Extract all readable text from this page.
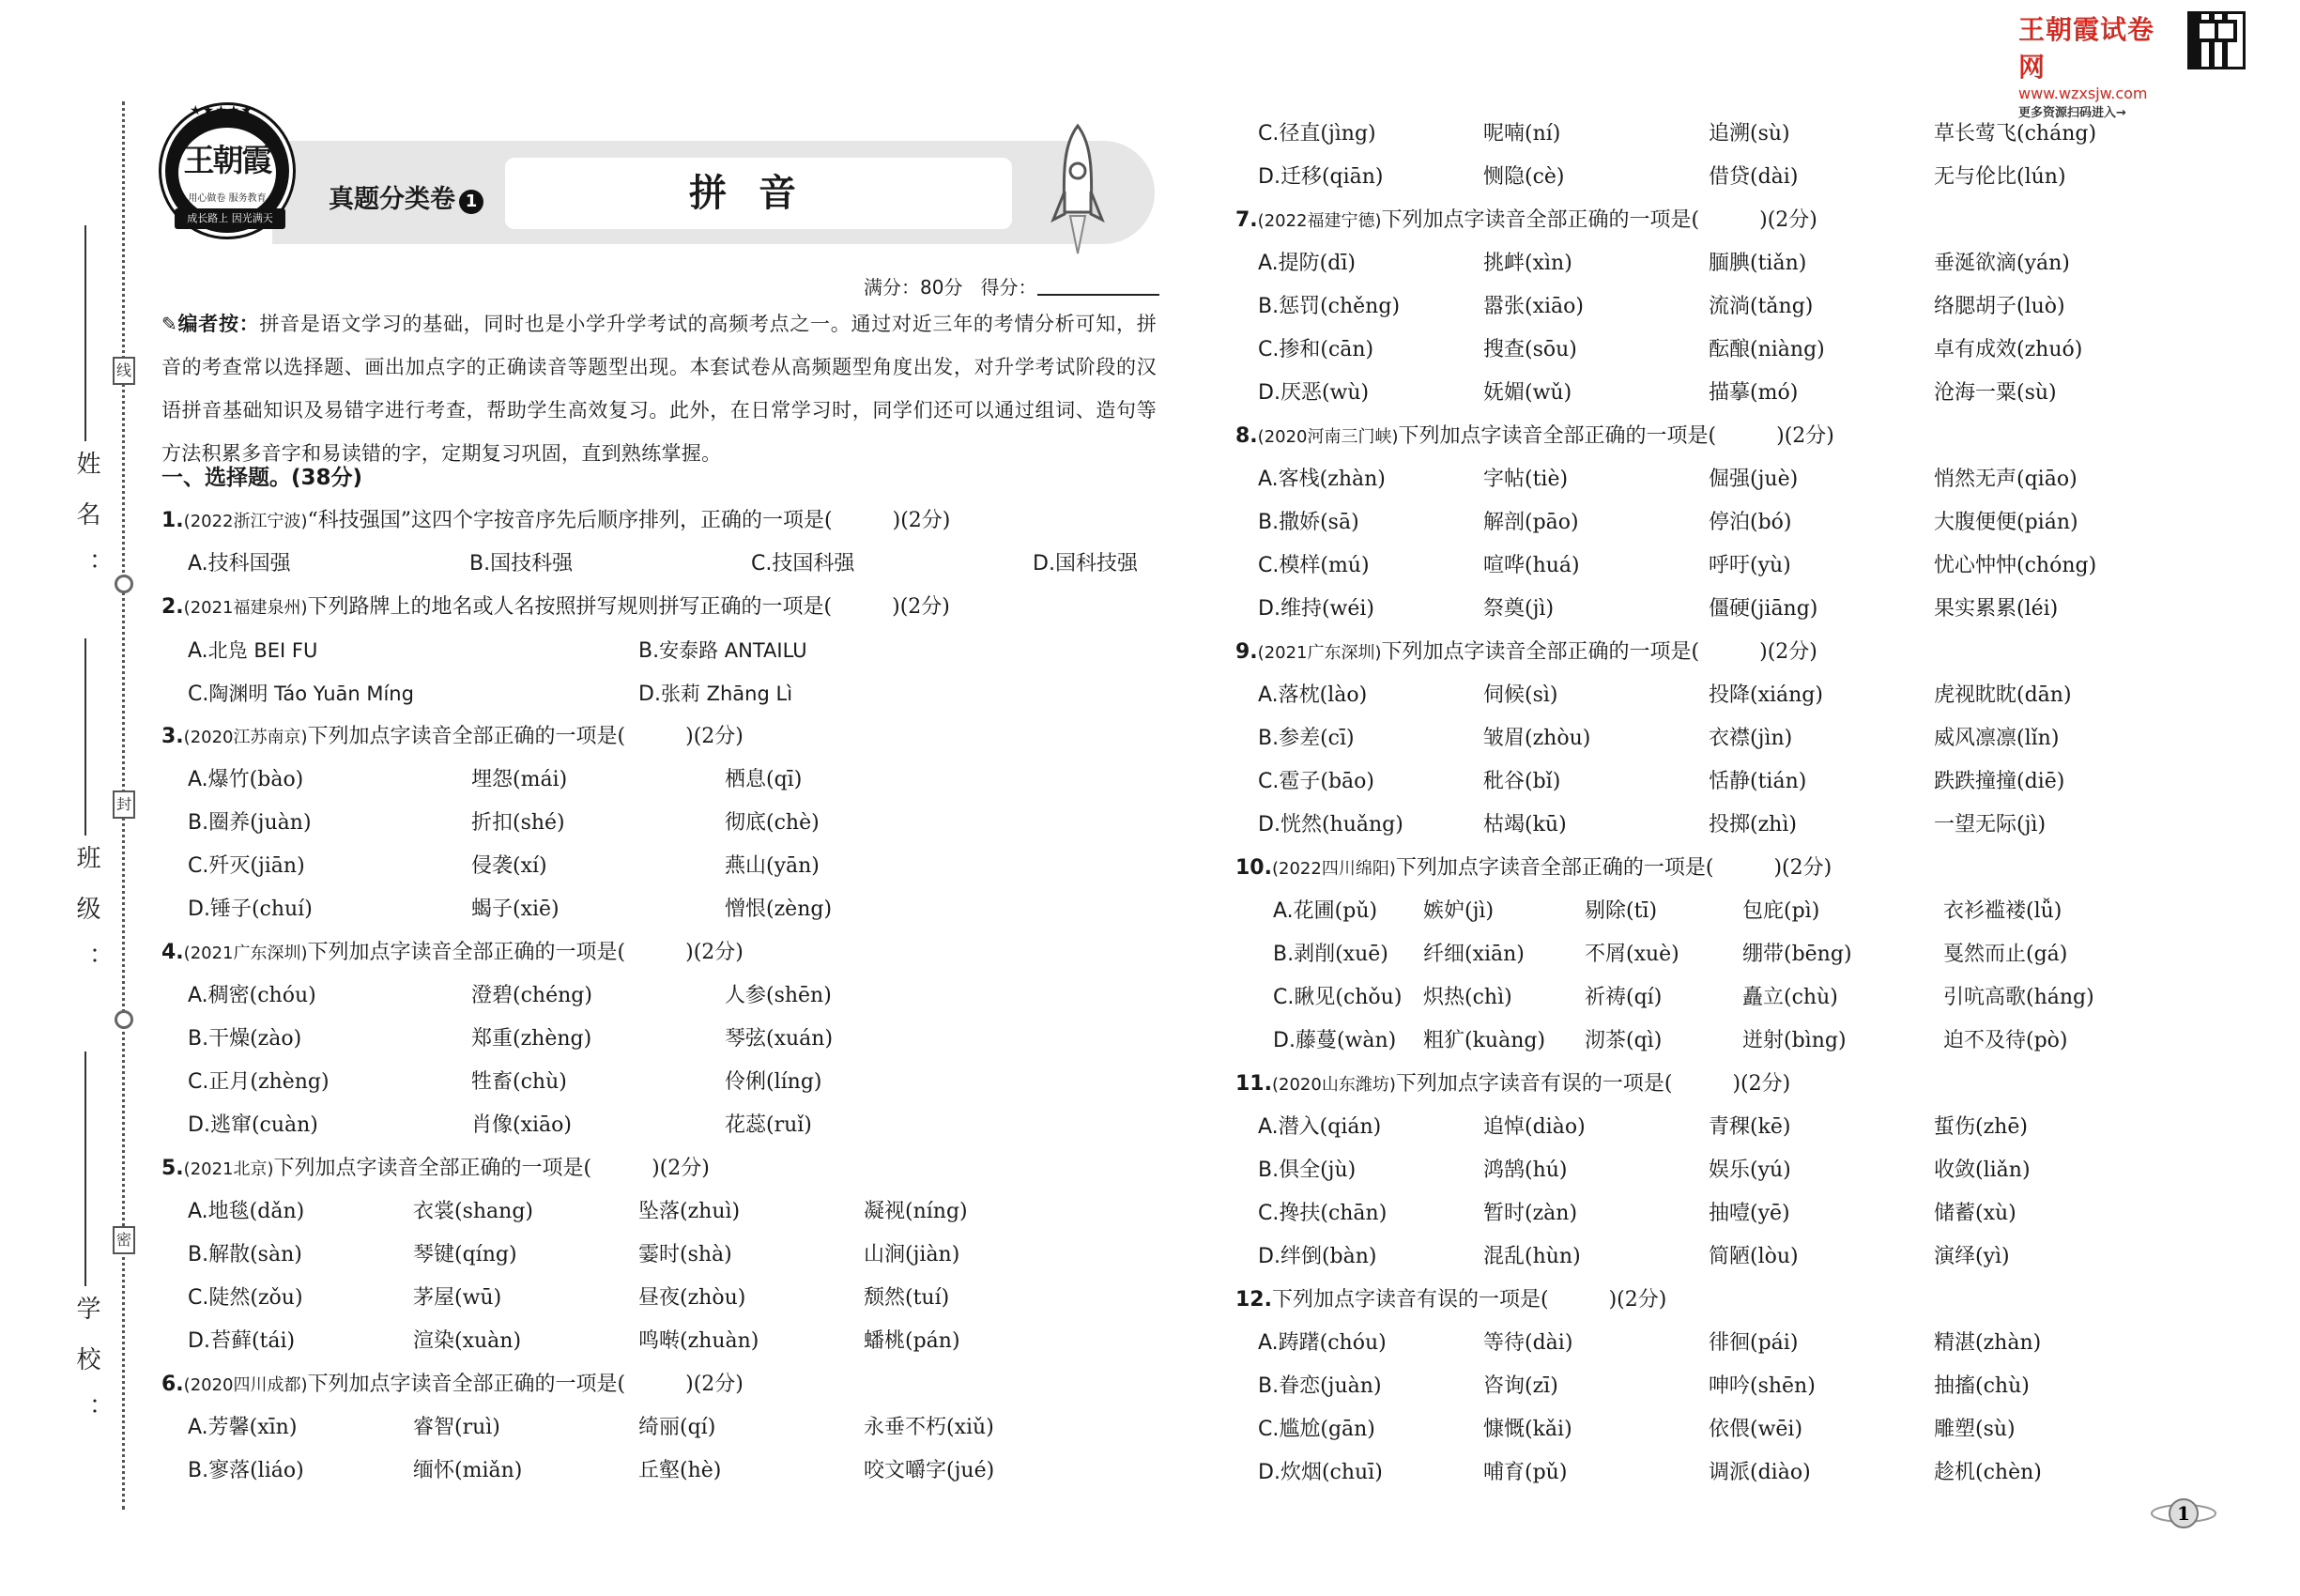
姓名：
班级：
学校：
线
封
密
王朝霞试卷网
www.wzxsjw.com
更多资源扫码进入→
真题分类卷 1	拼音
★★★★★
王朝霞
用心做卷 服务教育
成长路上 因光满天
满分：80分 得分：
✎编者按：拼音是语文学习的基础，同时也是小学升学考试的高频考点之一。通过对近三年的考情分析可知，拼音的考查常以选择题、画出加点字的正确读音等题型出现。本套试卷从高频题型角度出发，对升学考试阶段的汉语拼音基础知识及易错字进行考查，帮助学生高效复习。此外，在日常学习时，同学们还可以通过组词、造句等方法积累多音字和易读错的字，定期复习巩固，直到熟练掌握。
一、选择题。(38分)
1.(2022浙江宁波)“科技强国”这四个字按音序先后顺序排列，正确的一项是(	)(2分)
A.技科国强	B.国技科强	C.技国科强	D.国科技强
2.(2021福建泉州)下列路牌上的地名或人名按照拼写规则拼写正确的一项是(	)(2分)
A.北凫 BEI FU	B.安泰路 ANTAILU
C.陶渊明 Táo Yuān Míng	D.张莉 Zhāng Lì
3.(2020江苏南京)下列加点字读音全部正确的一项是(	)(2分)
A.爆竹(bào)	埋怨(mái)	栖息(qī)
B.圈养(juàn)	折扣(shé)	彻底(chè)
C.歼灭(jiān)	侵袭(xí)	燕山(yān)
D.锤子(chuí)	蝎子(xiē)	憎恨(zèng)
4.(2021广东深圳)下列加点字读音全部正确的一项是(	)(2分)
A.稠密(chóu)	澄碧(chéng)	人参(shēn)
B.干燥(zào)	郑重(zhèng)	琴弦(xuán)
C.正月(zhèng)	牲畜(chù)	伶俐(líng)
D.逃窜(cuàn)	肖像(xiāo)	花蕊(ruǐ)
5.(2021北京)下列加点字读音全部正确的一项是(	)(2分)
A.地毯(dǎn)	衣裳(shang)	坠落(zhuì)	凝视(níng)
B.解散(sàn)	琴键(qíng)	霎时(shà)	山涧(jiàn)
C.陡然(zǒu)	茅屋(wū)	昼夜(zhòu)	颓然(tuí)
D.苔藓(tái)	渲染(xuàn)	鸣啭(zhuàn)	蟠桃(pán)
6.(2020四川成都)下列加点字读音全部正确的一项是(	)(2分)
A.芳馨(xīn)	睿智(ruì)	绮丽(qí)	永垂不朽(xiǔ)
B.寥落(liáo)	缅怀(miǎn)	丘壑(hè)	咬文嚼字(jué)
C.径直(jìng)	呢喃(ní)	追溯(sù)	草长莺飞(cháng)
D.迁移(qiān)	恻隐(cè)	借贷(dài)	无与伦比(lún)
7.(2022福建宁德)下列加点字读音全部正确的一项是(	)(2分)
A.提防(dī)	挑衅(xìn)	腼腆(tiǎn)	垂涎欲滴(yán)
B.惩罚(chěng)	嚣张(xiāo)	流淌(tǎng)	络腮胡子(luò)
C.掺和(cān)	搜查(sōu)	酝酿(niàng)	卓有成效(zhuó)
D.厌恶(wù)	妩媚(wǔ)	描摹(mó)	沧海一粟(sù)
8.(2020河南三门峡)下列加点字读音全部正确的一项是(	)(2分)
A.客栈(zhàn)	字帖(tiè)	倔强(juè)	悄然无声(qiāo)
B.撒娇(sā)	解剖(pāo)	停泊(bó)	大腹便便(pián)
C.模样(mú)	喧哗(huá)	呼吁(yù)	忧心忡忡(chóng)
D.维持(wéi)	祭奠(jì)	僵硬(jiāng)	果实累累(léi)
9.(2021广东深圳)下列加点字读音全部正确的一项是(	)(2分)
A.落枕(lào)	伺候(sì)	投降(xiáng)	虎视眈眈(dān)
B.参差(cī)	皱眉(zhòu)	衣襟(jìn)	威风凛凛(lǐn)
C.雹子(bāo)	秕谷(bǐ)	恬静(tián)	跌跌撞撞(diē)
D.恍然(huǎng)	枯竭(kū)	投掷(zhì)	一望无际(jì)
10.(2022四川绵阳)下列加点字读音全部正确的一项是(	)(2分)
A.花圃(pǔ) 嫉妒(jì)	剔除(tī)	包庇(pì)	衣衫褴褛(lǚ)
B.剥削(xuē) 纤细(xiān)	不屑(xuè)	绷带(bēng)	戛然而止(gá)
C.瞅见(chǒu) 炽热(chì)	祈祷(qí)	矗立(chù)	引吭高歌(háng)
D.藤蔓(wàn) 粗犷(kuàng) 沏茶(qì)	迸射(bìng)	迫不及待(pò)
11.(2020山东潍坊)下列加点字读音有误的一项是(	)(2分)
A.潜入(qián)	追悼(diào)	青稞(kē)	蜇伤(zhē)
B.俱全(jù)	鸿鹄(hú)	娱乐(yú)	收敛(liǎn)
C.搀扶(chān)	暂时(zàn)	抽噎(yē)	储蓄(xù)
D.绊倒(bàn)	混乱(hùn)	简陋(lòu)	演绎(yì)
12.下列加点字读音有误的一项是(	)(2分)
A.踌躇(chóu)	等待(dài)	徘徊(pái)	精湛(zhàn)
B.眷恋(juàn)	咨询(zī)	呻吟(shēn)	抽搐(chù)
C.尴尬(gān)	慷慨(kǎi)	依偎(wēi)	雕塑(sù)
D.炊烟(chuī)	哺育(pǔ)	调派(diào)	趁机(chèn)
1
